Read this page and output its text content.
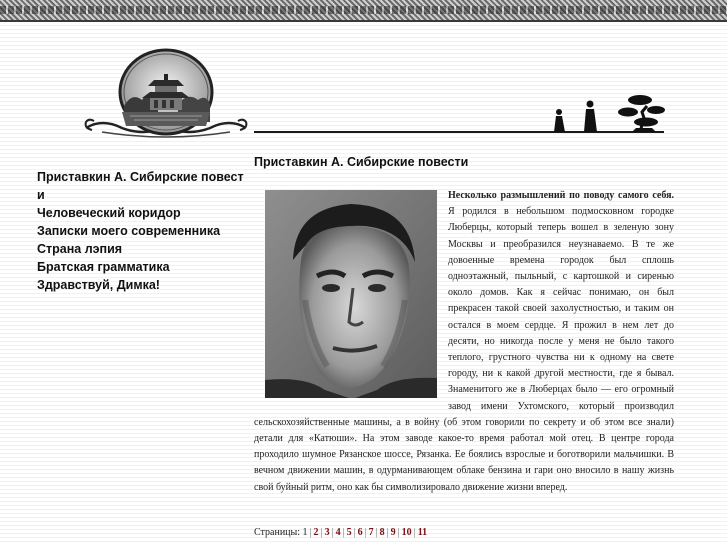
Приставкин А. Сибирские повест
и
Человеческий коридор
Записки моего современника
Страна лэпия
Братская грамматика
Здравствуй, Димка!
Приставкин А. Сибирские повести

Несколько размышлений по поводу самого себя. Я родился в небольшом подмосковном городке Люберцы, который теперь вошел в зеленую зону Москвы и преобразился неузнаваемо. В те же довоенные времена городок был сплошь одноэтажный, пыльный, с картошкой и сиренью около домов. Как я сейчас понимаю, он был прекрасен такой своей захолустностью, и таким он остался в моем сердце. Я прожил в нем лет до десяти, но никогда после у меня не было такого теплого, грустного чувства ни к одному на свете городу, ни к какой другой местности, где я бывал. Знаменитого же в Люберцах было — его огромный завод имени Ухтомского, который производил сельскохозяйственные машины, а в войну (об этом говорили по секрету и об этом все знали) детали для «Катюши». На этом заводе какое-то время работал мой отец. В центре города проходило шумное Рязанское шоссе, Рязанка. Ее боялись взрослые и боготворили мальчишки. В вечном движении машин, в одурманивающем облаке бензина и гари оно вносило в нашу жизнь свой буйный ритм, оно как бы символизировало движение жизни вперед.

Страницы: 1 | 2 | 3 | 4 | 5 | 6 | 7 | 8 | 9 | 10 | 11
